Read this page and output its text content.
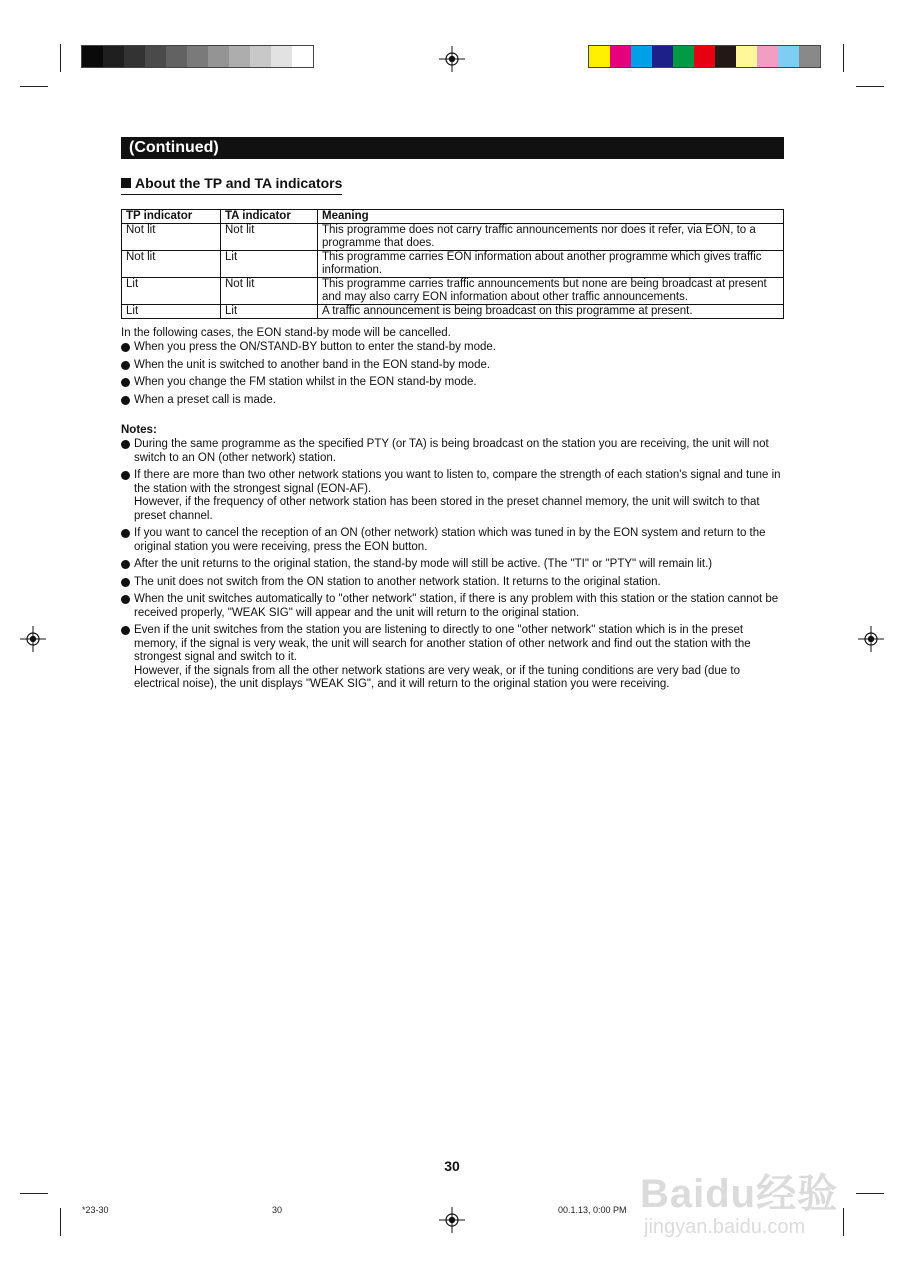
(Continued)
About the TP and TA indicators
TP indicator	TA indicator	Meaning
Not lit	Not lit	This programme does not carry traffic announcements nor does it refer, via EON, to a programme that does.
Not lit	Lit	This programme carries EON information about another programme which gives traffic information.
Lit	Not lit	This programme carries traffic announcements but none are being broadcast at present and may also carry EON information about other traffic announcements.
Lit	Lit	A traffic announcement is being broadcast on this programme at present.
In the following cases, the EON stand-by mode will be cancelled.
When you press the ON/STAND-BY button to enter the stand-by mode.
When the unit is switched to another band in the EON stand-by mode.
When you change the FM station whilst in the EON stand-by mode.
When a preset call is made.
Notes:
During the same programme as the specified PTY (or TA) is being broadcast on the station you are receiving, the unit will not switch to an ON (other network) station.
If there are more than two other network stations you want to listen to, compare the strength of each station's signal and tune in the station with the strongest signal (EON-AF).
However, if the frequency of other network station has been stored in the preset channel memory, the unit will switch to that preset channel.
If you want to cancel the reception of an ON (other network) station which was tuned in by the EON system and return to the original station you were receiving, press the EON button.
After the unit returns to the original station, the stand-by mode will still be active. (The "TI" or "PTY" will remain lit.)
The unit does not switch from the ON station to another network station. It returns to the original station.
When the unit switches automatically to "other network" station, if there is any problem with this station or the station cannot be received properly, "WEAK SIG" will appear and the unit will return to the original station.
Even if the unit switches from the station you are listening to directly to one "other network" station which is in the preset memory, if the signal is very weak, the unit will search for another station of other network and find out the station with the strongest signal and switch to it.
However, if the signals from all the other network stations are very weak, or if the tuning conditions are very bad (due to electrical noise), the unit displays "WEAK SIG", and it will return to the original station you were receiving.
30
*23-30	30	00.1.13, 0:00 PM Baidu经验
jingyan.baidu.com
